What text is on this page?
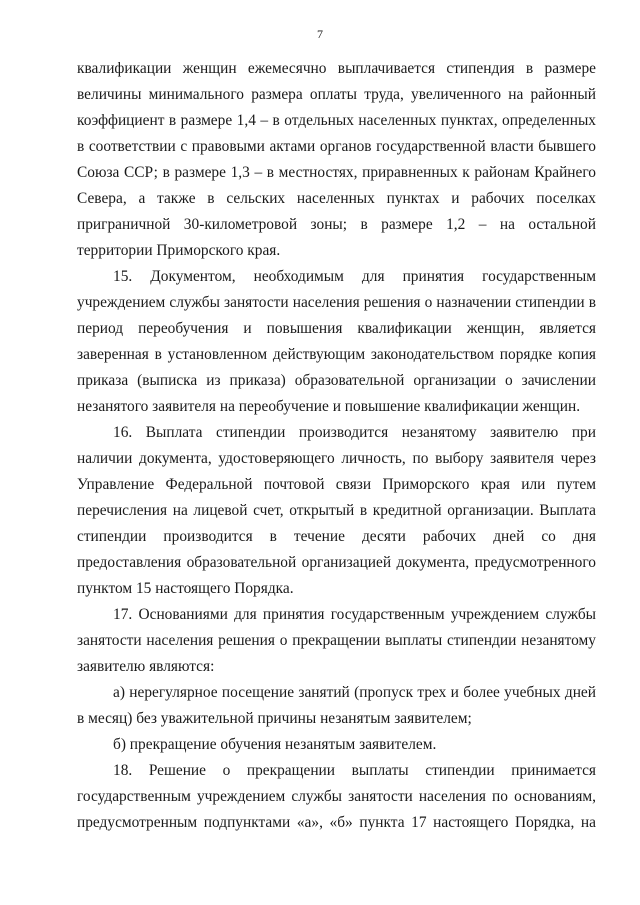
7

квалификации женщин ежемесячно выплачивается стипендия в размере величины минимального размера оплаты труда, увеличенного на районный коэффициент в размере 1,4 – в отдельных населенных пунктах, определенных в соответствии с правовыми актами органов государственной власти бывшего Союза ССР; в размере 1,3 – в местностях, приравненных к районам Крайнего Севера, а также в сельских населенных пунктах и рабочих поселках приграничной 30-километровой зоны; в размере 1,2 – на остальной территории Приморского края.

15. Документом, необходимым для принятия государственным учреждением службы занятости населения решения о назначении стипендии в период переобучения и повышения квалификации женщин, является заверенная в установленном действующим законодательством порядке копия приказа (выписка из приказа) образовательной организации о зачислении незанятого заявителя на переобучение и повышение квалификации женщин.

16. Выплата стипендии производится незанятому заявителю при наличии документа, удостоверяющего личность, по выбору заявителя через Управление Федеральной почтовой связи Приморского края или путем перечисления на лицевой счет, открытый в кредитной организации. Выплата стипендии производится в течение десяти рабочих дней со дня предоставления образовательной организацией документа, предусмотренного пунктом 15 настоящего Порядка.

17. Основаниями для принятия государственным учреждением службы занятости населения решения о прекращении выплаты стипендии незанятому заявителю являются:

а) нерегулярное посещение занятий (пропуск трех и более учебных дней в месяц) без уважительной причины незанятым заявителем;

б) прекращение обучения незанятым заявителем.

18. Решение о прекращении выплаты стипендии принимается государственным учреждением службы занятости населения по основаниям, предусмотренным подпунктами «а», «б» пункта 17 настоящего Порядка, на
